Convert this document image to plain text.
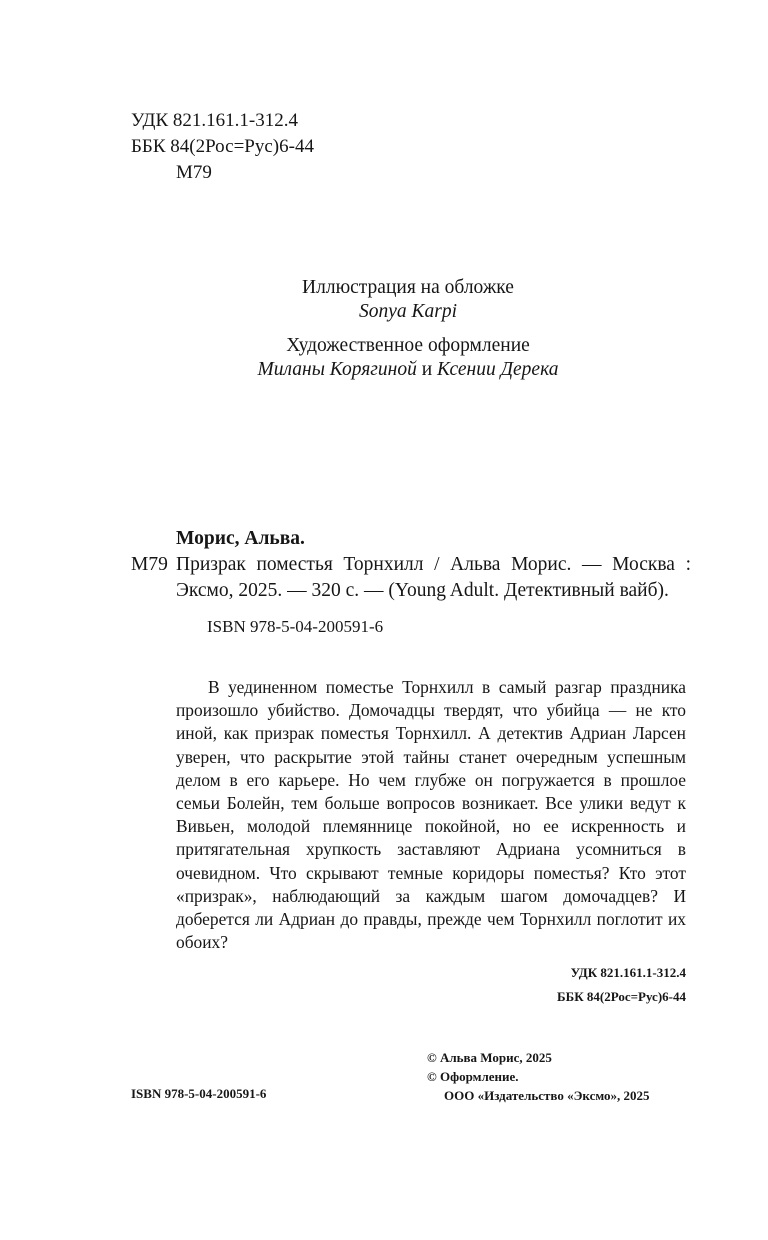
УДК 821.161.1-312.4
ББК 84(2Рос=Рус)6-44
М79
Иллюстрация на обложке
Sonya Karpi
Художественное оформление
Миланы Корягиной и Ксении Дерека
Морис, Альва.
М79 Призрак поместья Торнхилл / Альва Морис. — Москва : Эксмо, 2025. — 320 с. — (Young Adult. Детективный вайб).
ISBN 978-5-04-200591-6

В уединенном поместье Торнхилл в самый разгар праздника произошло убийство. Домочадцы твердят, что убийца — не кто иной, как призрак поместья Торнхилл. А детектив Адриан Ларсен уверен, что раскрытие этой тайны станет очередным успешным делом в его карьере. Но чем глубже он погружается в прошлое семьи Болейн, тем больше вопросов возникает. Все улики ведут к Вивьен, молодой племяннице покойной, но ее искренность и притягательная хрупкость заставляют Адриана усомниться в очевидном. Что скрывают темные коридоры поместья? Кто этот «призрак», наблюдающий за каждым шагом домочадцев? И доберется ли Адриан до правды, прежде чем Торнхилл поглотит их обоих?

УДК 821.161.1-312.4
ББК 84(2Рос=Рус)6-44
© Альва Морис, 2025
© Оформление.
ООО «Издательство «Эксмо», 2025
ISBN 978-5-04-200591-6
